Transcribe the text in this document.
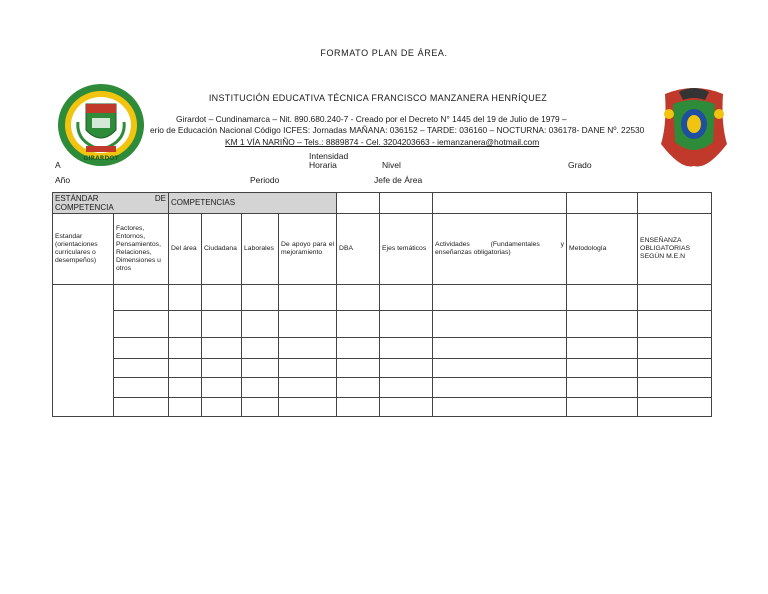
FORMATO PLAN DE ÁREA.
INSTITUCIÓN EDUCATIVA TÉCNICA FRANCISCO MANZANERA HENRÍQUEZ
Girardot – Cundinamarca – Nit. 890.680.240-7 - Creado por el Decreto N° 1445 del 19 de Julio de 1979 –
erio de Educación Nacional Código ICFES: Jornadas MAÑANA: 036152 – TARDE: 036160 – NOCTURNA: 036178- DANE Nº. 22530
KM 1 VÍA NARIÑO – Tels.: 8889874 - Cel. 3204203663 - iemanzanera@hotmail.com
GIRARDOT
A
Intensidad
Horaria	Nivel	Grado
Año	Periodo	Jefe de Área
ESTÁNDAR DE COMPETENCIA		COMPETENCIAS								
Estandar (orientaciones curriculares o desempeños)	Factores, Entornos, Pensamientos, Relaciones, Dimensiones u otros	Del área	Ciudadana	Laborales	De apoyo para el mejoramiento	DBA	Ejes temáticos	Actividades (Fundamentales y enseñanzas obligatorias)	Metodología	ENSEÑANZA OBLIGATORIAS SEGÚN M.E.N
